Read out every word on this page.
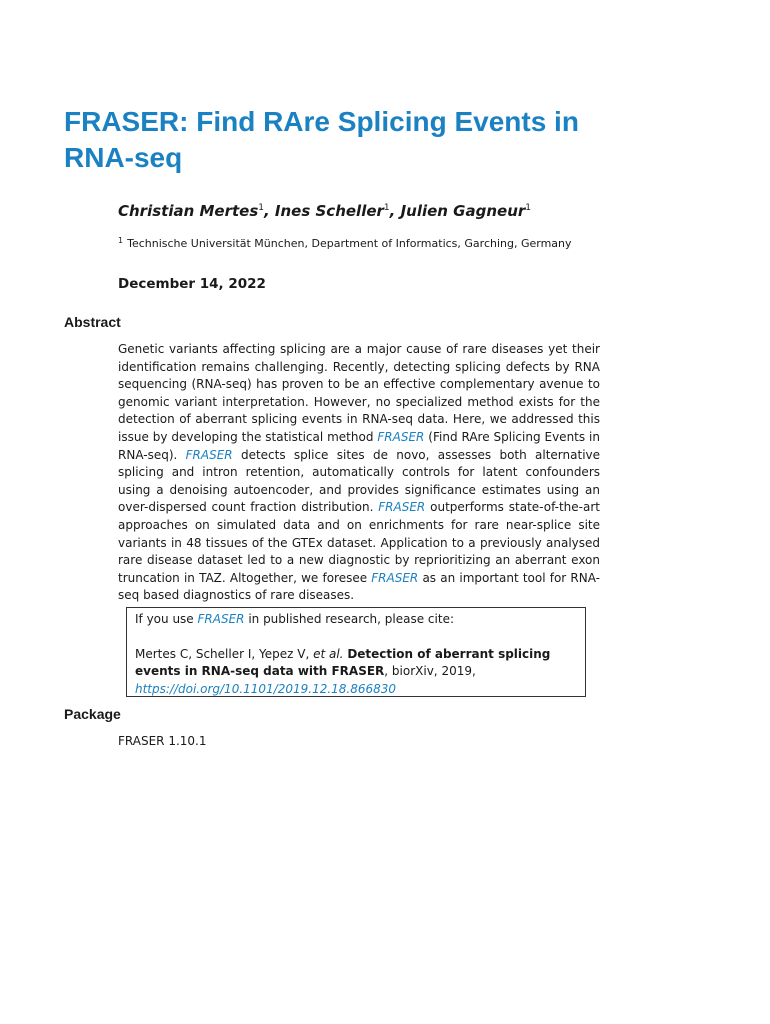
FRASER: Find RAre Splicing Events in RNA-seq
Christian Mertes$^1$, Ines Scheller$^1$, Julien Gagneur$^1$
$^1$ Technische Universität München, Department of Informatics, Garching, Germany
December 14, 2022
Abstract

Genetic variants affecting splicing are a major cause of rare diseases yet their identification remains challenging. Recently, detecting splicing defects by RNA sequencing (RNA-seq) has proven to be an effective complementary avenue to genomic variant interpretation. However, no specialized method exists for the detection of aberrant splicing events in RNA-seq data. Here, we addressed this issue by developing the statistical method FRASER (Find RAre Splicing Events in RNA-seq). FRASER detects splice sites de novo, assesses both alternative splicing and intron retention, automatically controls for latent confounders using a denoising autoencoder, and provides significance estimates using an over-dispersed count fraction distribution. FRASER outperforms state-of-the-art approaches on simulated data and on enrichments for rare near-splice site variants in 48 tissues of the GTEx dataset. Application to a previously analysed rare disease dataset led to a new diagnostic by reprioritizing an aberrant exon truncation in TAZ. Altogether, we foresee FRASER as an important tool for RNA-seq based diagnostics of rare diseases.

If you use FRASER in published research, please cite:

Mertes C, Scheller I, Yepez V, et al. Detection of aberrant splicing events in RNA-seq data with FRASER, biorXiv, 2019,
https://doi.org/10.1101/2019.12.18.866830

Package
FRASER 1.10.1
